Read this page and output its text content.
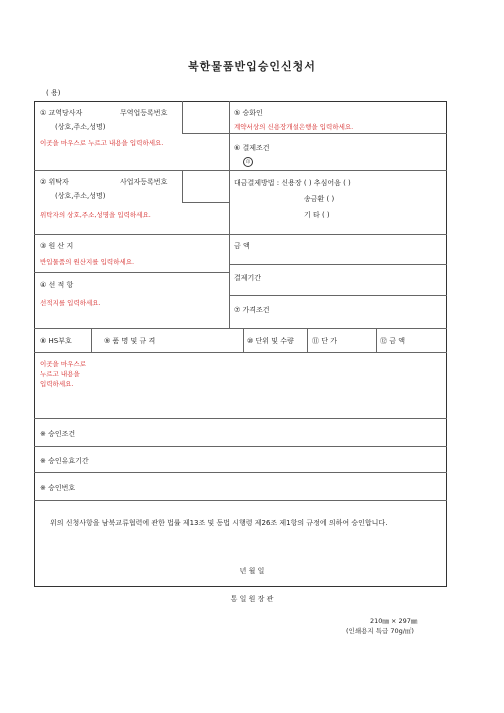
북한물품반입승인신청서
( 용)
① 교역당사자	무역업등록번호
(상호,주소,성명)
이곳을 마우스로 누르고 내용을 입력하세요.
印
② 위탁자	사업자등록번호
(상호,주소,성명)
위탁자의 상호,주소,성명을 입력하세요.
③ 원 산 지
반입물품의 원산지를 입력하세요.
④ 선 적 항
선적지를 입력하세요.
⑤ 승화인
계약서상의 신용장개설은행을 입력하세요.
⑥ 결제조건
대금결제방법 : 신용장 ( ) 추심어음 ( )
송금환 ( )
기 타 ( )
금 액
결제기간
⑦ 가격조건
⑧ HS부호	⑨ 품 명 및 규 격	⑩ 단위 및 수량	⑪ 단 가	⑫ 금 액
이곳을 마우스로 누르고 내용을 입력하세요.
※ 승인조건
※ 승인유효기간
※ 승인번호
위의 신청사항을 남북교류협력에 관한 법률 제13조 및 동법 시행령 제26조 제1항의 규정에 의하여 승인합니다.
년 월 일
통 일 원 장 관
210㎜ × 297㎜
(인쇄용지 특급 70g/㎡)
